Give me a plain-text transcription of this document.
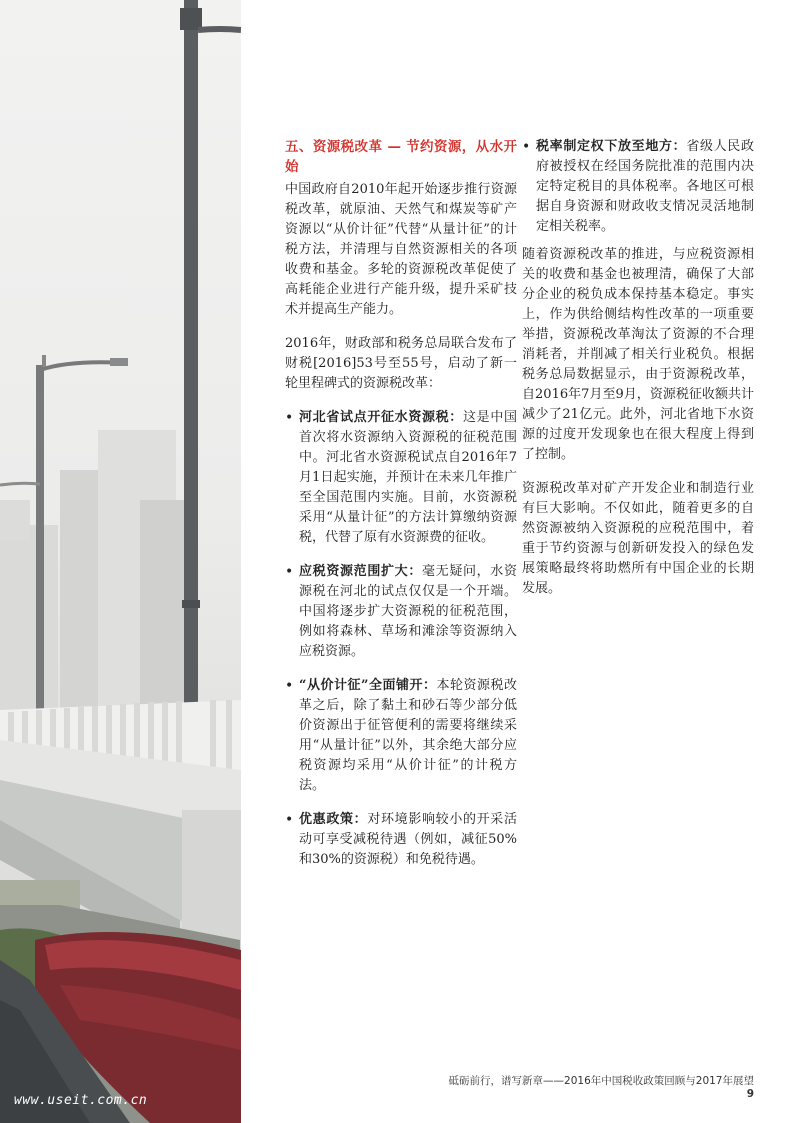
www.useit.com.cn
五、资源税改革 — 节约资源，从水开始

中国政府自2010年起开始逐步推行资源税改革，就原油、天然气和煤炭等矿产资源以“从价计征”代替“从量计征”的计税方法，并清理与自然资源相关的各项收费和基金。多轮的资源税改革促使了高耗能企业进行产能升级，提升采矿技术并提高生产能力。

2016年，财政部和税务总局联合发布了财税[2016]53号至55号，启动了新一轮里程碑式的资源税改革：

• 河北省试点开征水资源税：这是中国首次将水资源纳入资源税的征税范围中。河北省水资源税试点自2016年7月1日起实施，并预计在未来几年推广至全国范围内实施。目前，水资源税采用“从量计征”的方法计算缴纳资源税，代替了原有水资源费的征收。
• 应税资源范围扩大：毫无疑问，水资源税在河北的试点仅仅是一个开端。中国将逐步扩大资源税的征税范围，例如将森林、草场和滩涂等资源纳入应税资源。
• “从价计征”全面铺开：本轮资源税改革之后，除了黏土和砂石等少部分低价资源出于征管便利的需要将继续采用“从量计征”以外，其余绝大部分应税资源均采用“从价计征”的计税方法。
• 优惠政策：对环境影响较小的开采活动可享受减税待遇（例如，减征50%和30%的资源税）和免税待遇。
• 税率制定权下放至地方：省级人民政府被授权在经国务院批准的范围内决定特定税目的具体税率。各地区可根据自身资源和财政收支情况灵活地制定相关税率。

随着资源税改革的推进，与应税资源相关的收费和基金也被理清，确保了大部分企业的税负成本保持基本稳定。事实上，作为供给侧结构性改革的一项重要举措，资源税改革淘汰了资源的不合理消耗者，并削减了相关行业税负。根据税务总局数据显示，由于资源税改革，自2016年7月至9月，资源税征收额共计减少了21亿元。此外，河北省地下水资源的过度开发现象也在很大程度上得到了控制。

资源税改革对矿产开发企业和制造行业有巨大影响。不仅如此，随着更多的自然资源被纳入资源税的应税范围中，着重于节约资源与创新研发投入的绿色发展策略最终将助燃所有中国企业的长期发展。

砥砺前行，谱写新章——2016年中国税收政策回顾与2017年展望9
